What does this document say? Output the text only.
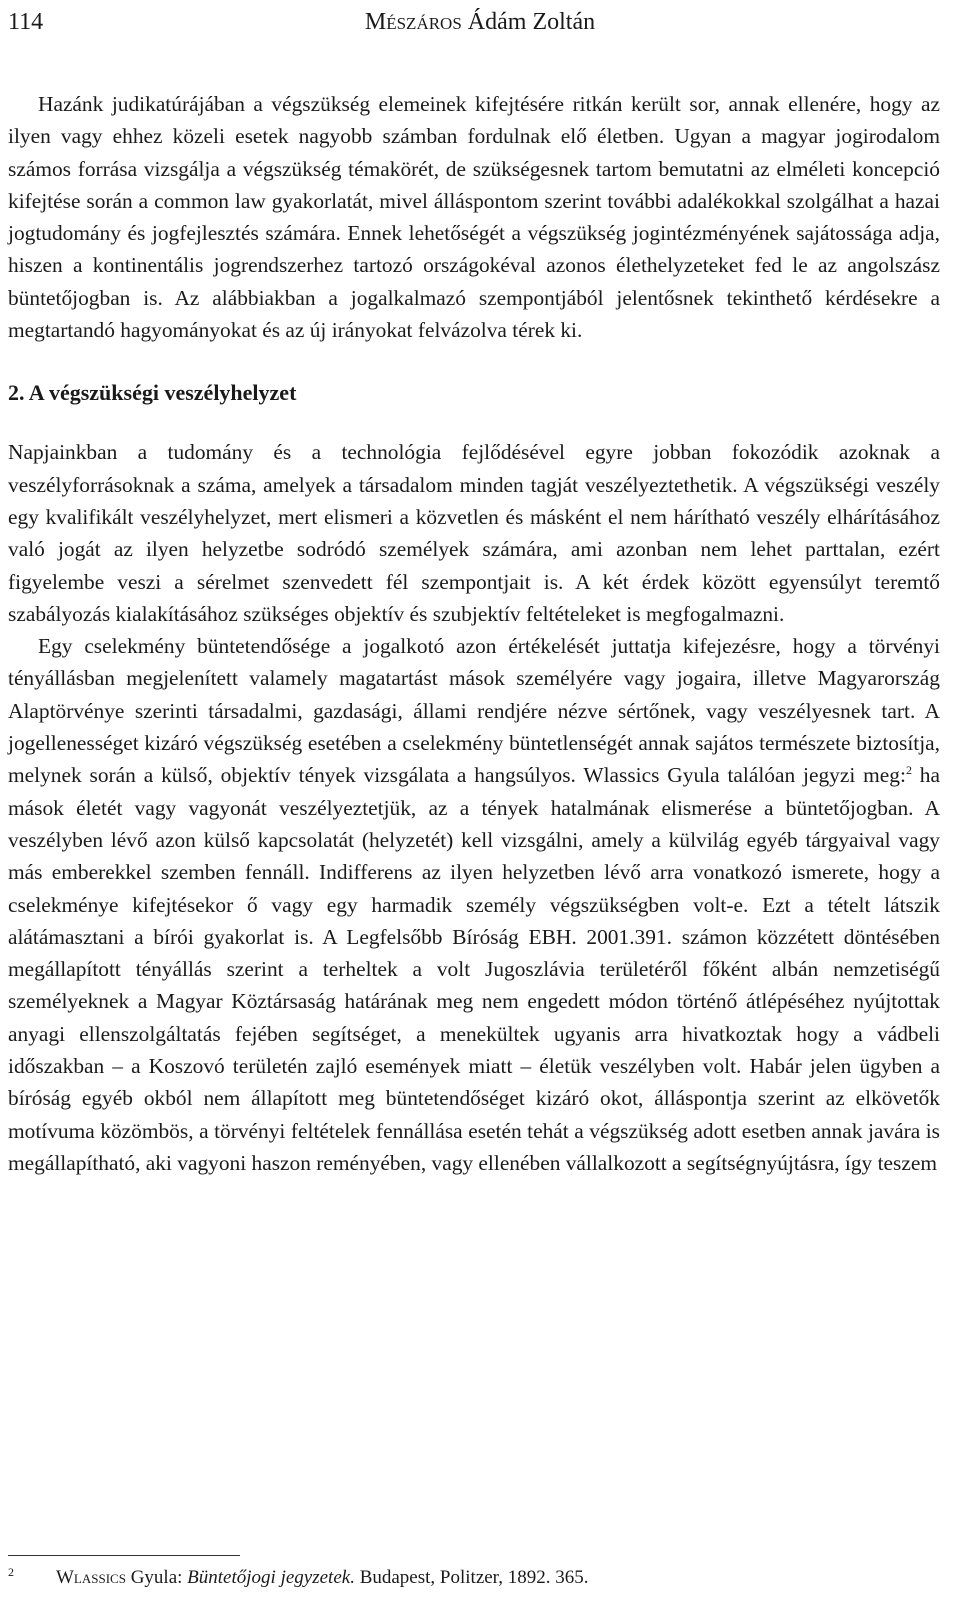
114	Mészáros Ádám Zoltán

Hazánk judikatúrájában a végszükség elemeinek kifejtésére ritkán került sor, annak ellenére, hogy az ilyen vagy ehhez közeli esetek nagyobb számban fordulnak elő életben. Ugyan a magyar jogirodalom számos forrása vizsgálja a végszükség témakörét, de szükségesnek tartom bemutatni az elméleti koncepció kifejtése során a common law gyakorlatát, mivel álláspontom szerint további adalékokkal szolgálhat a hazai jogtudomány és jogfejlesztés számára. Ennek lehetőségét a végszükség jogintézményének sajátossága adja, hiszen a kontinentális jogrendszerhez tartozó országokéval azonos élethelyzeteket fed le az angolszász büntetőjogban is. Az alábbiakban a jogalkalmazó szempontjából jelentősnek tekinthető kérdésekre a megtartandó hagyományokat és az új irányokat felvázolva térek ki.

2. A végszükségi veszélyhelyzet

Napjainkban a tudomány és a technológia fejlődésével egyre jobban fokozódik azoknak a veszélyforrásoknak a száma, amelyek a társadalom minden tagját veszélyeztethetik. A végszükségi veszély egy kvalifikált veszélyhelyzet, mert elismeri a közvetlen és másként el nem hárítható veszély elhárításához való jogát az ilyen helyzetbe sodródó személyek számára, ami azonban nem lehet parttalan, ezért figyelembe veszi a sérelmet szenvedett fél szempontjait is. A két érdek között egyensúlyt teremtő szabályozás kialakításához szükséges objektív és szubjektív feltételeket is megfogalmazni.

Egy cselekmény büntetendősége a jogalkotó azon értékelését juttatja kifejezésre, hogy a törvényi tényállásban megjelenített valamely magatartást mások személyére vagy jogaira, illetve Magyarország Alaptörvénye szerinti társadalmi, gazdasági, állami rendjére nézve sértőnek, vagy veszélyesnek tart. A jogellenességet kizáró végszükség esetében a cselekmény büntetlenségét annak sajátos természete biztosítja, melynek során a külső, objektív tények vizsgálata a hangsúlyos. Wlassics Gyula találóan jegyzi meg:$^2$ ha mások életét vagy vagyonát veszélyeztetjük, az a tények hatalmának elismerése a büntetőjogban. A veszélyben lévő azon külső kapcsolatát (helyzetét) kell vizsgálni, amely a külvilág egyéb tárgyaival vagy más emberekkel szemben fennáll. Indifferens az ilyen helyzetben lévő arra vonatkozó ismerete, hogy a cselekménye kifejtésekor ő vagy egy harmadik személy végszükségben volt-e. Ezt a tételt látszik alátámasztani a bírói gyakorlat is. A Legfelsőbb Bíróság EBH. 2001.391. számon közzétett döntésében megállapított tényállás szerint a terheltek a volt Jugoszlávia területéről főként albán nemzetiségű személyeknek a Magyar Köztársaság határának meg nem engedett módon történő átlépéséhez nyújtottak anyagi ellenszolgáltatás fejében segítséget, a menekültek ugyanis arra hivatkoztak hogy a vádbeli időszakban – a Koszovó területén zajló események miatt – életük veszélyben volt. Habár jelen ügyben a bíróság egyéb okból nem állapított meg büntetendőséget kizáró okot, álláspontja szerint az elkövetők motívuma közömbös, a törvényi feltételek fennállása esetén tehát a végszükség adott esetben annak javára is megállapítható, aki vagyoni haszon reményében, vagy ellenében vállalkozott a segítségnyújtásra, így teszem

2 Wlassics Gyula: Büntetőjogi jegyzetek. Budapest, Politzer, 1892. 365.
